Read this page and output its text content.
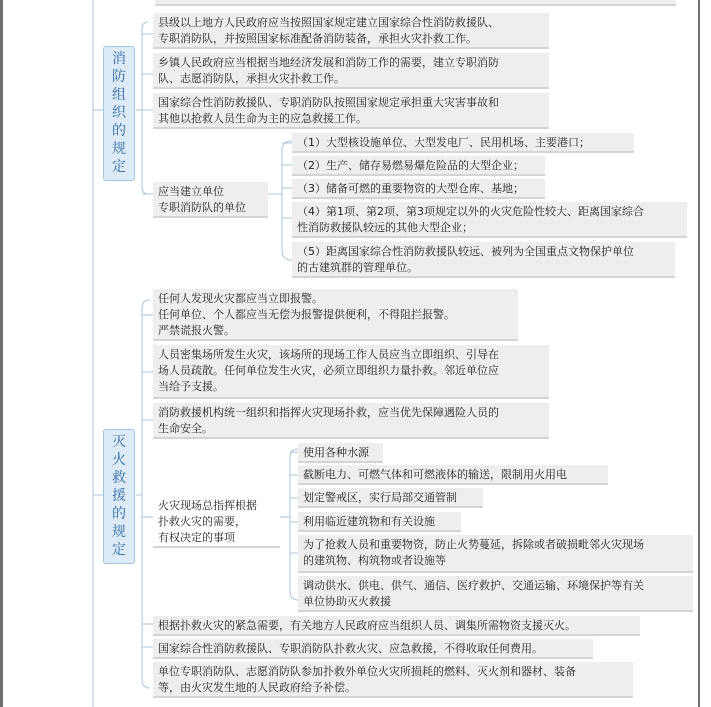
消
防
组
织
的
规
定
县级以上地方人民政府应当按照国家规定建立国家综合性消防救援队、
专职消防队，并按照国家标准配备消防装备，承担火灾扑救工作。
乡镇人民政府应当根据当地经济发展和消防工作的需要，建立专职消防
队、志愿消防队，承担火灾扑救工作。
国家综合性消防救援队、专职消防队按照国家规定承担重大灾害事故和
其他以抢救人员生命为主的应急救援工作。
应当建立单位
专职消防队的单位
（1）大型核设施单位、大型发电厂、民用机场、主要港口；
（2）生产、储存易燃易爆危险品的大型企业；
（3）储备可燃的重要物资的大型仓库、基地；
（4）第1项、第2项、第3项规定以外的火灾危险性较大、距离国家综合
性消防救援队较远的其他大型企业；
（5）距离国家综合性消防救援队较远、被列为全国重点文物保护单位
的古建筑群的管理单位。
灭
火
救
援
的
规
定
任何人发现火灾都应当立即报警。
任何单位、个人都应当无偿为报警提供便利，不得阻拦报警。
严禁谎报火警。
人员密集场所发生火灾，该场所的现场工作人员应当立即组织、引导在
场人员疏散。任何单位发生火灾，必须立即组织力量扑救。邻近单位应
当给予支援。
消防救援机构统一组织和指挥火灾现场扑救，应当优先保障遇险人员的
生命安全。
火灾现场总指挥根据
扑救火灾的需要，
有权决定的事项
使用各种水源
截断电力、可燃气体和可燃液体的输送，限制用火用电
划定警戒区，实行局部交通管制
利用临近建筑物和有关设施
为了抢救人员和重要物资，防止火势蔓延，拆除或者破损毗邻火灾现场
的建筑物、构筑物或者设施等
调动供水、供电、供气、通信、医疗救护、交通运输、环境保护等有关
单位协助灭火救援
根据扑救火灾的紧急需要，有关地方人民政府应当组织人员、调集所需物资支援灭火。
国家综合性消防救援队、专职消防队扑救火灾、应急救援，不得收取任何费用。
单位专职消防队、志愿消防队参加扑救外单位火灾所损耗的燃料、灭火剂和器材、装备
等，由火灾发生地的人民政府给予补偿。
